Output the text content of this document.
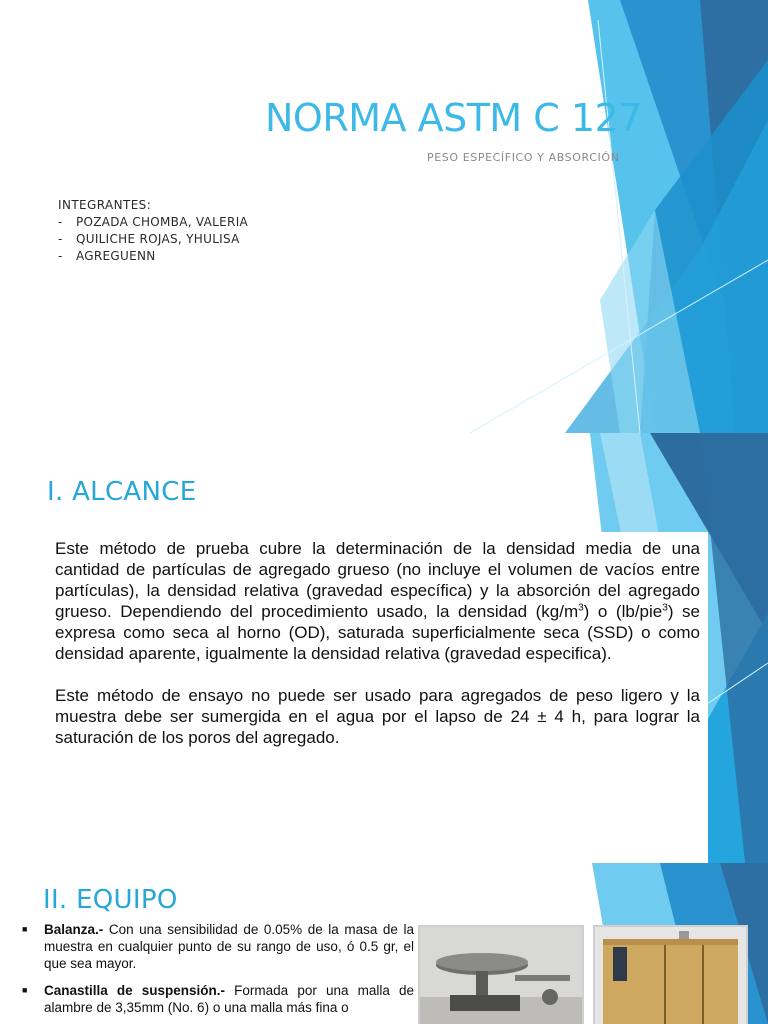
NORMA ASTM C 127
PESO ESPECÍFICO Y ABSORCIÓN
INTEGRANTES:
-	POZADA CHOMBA, VALERIA
-	QUILICHE ROJAS, YHULISA
-	AGREGUENN
I. ALCANCE

Este método de prueba cubre la determinación de la densidad media de una cantidad de partículas de agregado grueso (no incluye el volumen de vacíos entre partículas), la densidad relativa (gravedad específica) y la absorción del agregado grueso. Dependiendo del procedimiento usado, la densidad $(kg/m^3)$ o (lb/pie$^3$) se expresa como seca al horno (OD), saturada superficialmente seca (SSD) o como densidad aparente, igualmente la densidad relativa (gravedad especifica).

Este método de ensayo no puede ser usado para agregados de peso ligero y la muestra debe ser sumergida en el agua por el lapso de 24 ± 4 h, para lograr la saturación de los poros del agregado.

II. EQUIPO
■	Balanza.- Con una sensibilidad de 0.05% de la masa de la muestra en cualquier punto de su rango de uso, ó 0.5 gr, el que sea mayor.
■	Canastilla de suspensión.- Formada por una malla de alambre de 3,35mm (No. 6) o una malla más fina o
